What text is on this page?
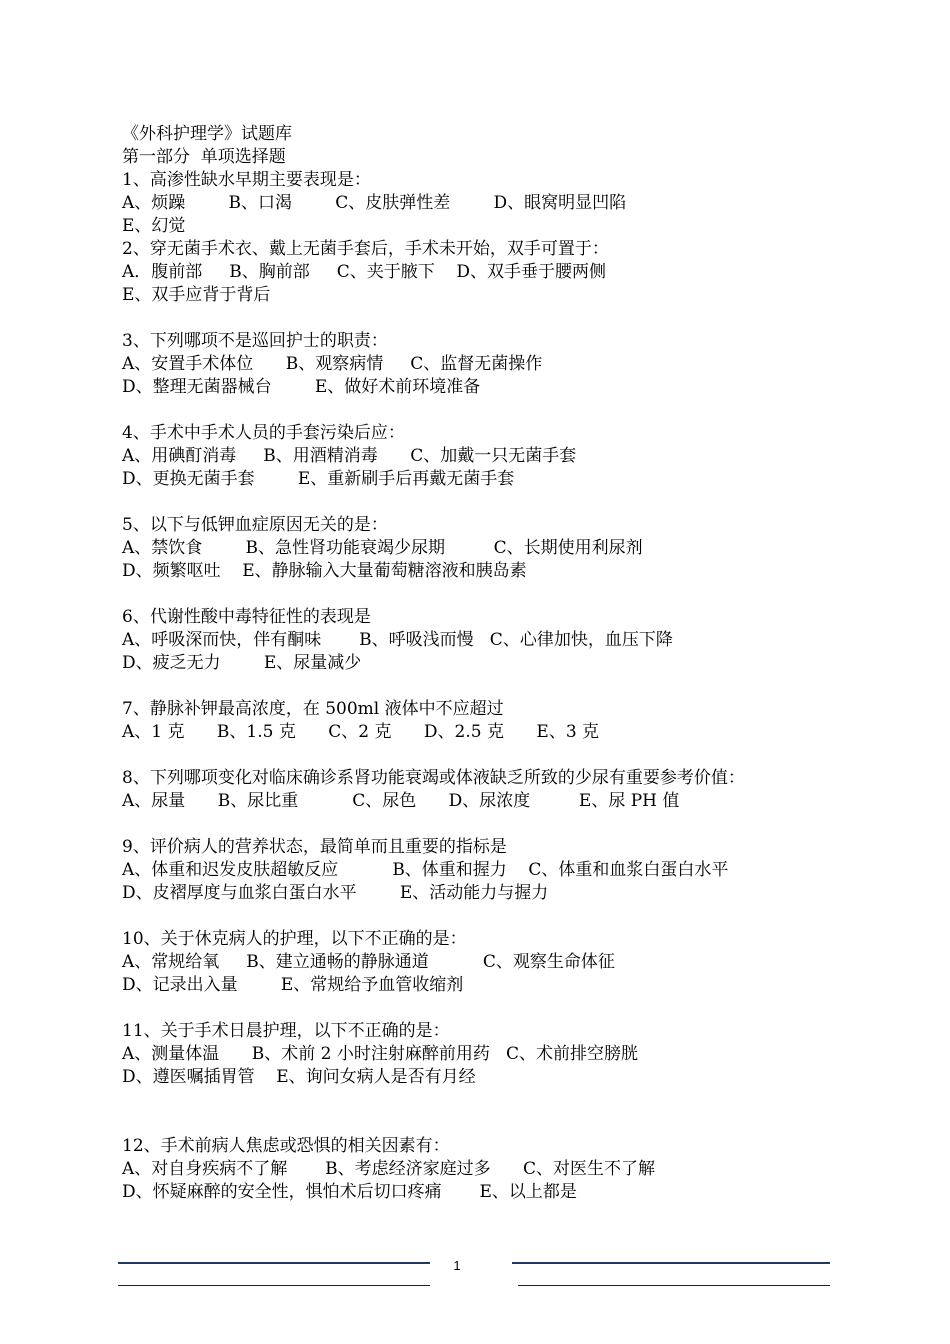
《外科护理学》试题库
第一部分  单项选择题
1、高渗性缺水早期主要表现是：
A、烦躁        B、口渴        C、皮肤弹性差        D、眼窝明显凹陷
E、幻觉
2、穿无菌手术衣、戴上无菌手套后，手术未开始，双手可置于：
A．腹前部     B、胸前部     C、夹于腋下    D、双手垂于腰两侧
E、双手应背于背后
3、下列哪项不是巡回护士的职责：
A、安置手术体位      B、观察病情     C、监督无菌操作
D、整理无菌器械台        E、做好术前环境准备
4、手术中手术人员的手套污染后应：
A、用碘酊消毒     B、用酒精消毒      C、加戴一只无菌手套
D、更换无菌手套        E、重新刷手后再戴无菌手套
5、以下与低钾血症原因无关的是：
A、禁饮食        B、急性肾功能衰竭少尿期         C、长期使用利尿剂
D、频繁呕吐    E、静脉输入大量葡萄糖溶液和胰岛素
6、代谢性酸中毒特征性的表现是
A、呼吸深而快，伴有酮味       B、呼吸浅而慢   C、心律加快，血压下降
D、疲乏无力        E、尿量减少
7、静脉补钾最高浓度，在 500ml 液体中不应超过
A、1 克      B、1.5 克      C、2 克      D、2.5 克      E、3 克
8、下列哪项变化对临床确诊系肾功能衰竭或体液缺乏所致的少尿有重要参考价值：
A、尿量      B、尿比重          C、尿色      D、尿浓度         E、尿 PH 值
9、评价病人的营养状态，最简单而且重要的指标是
A、体重和迟发皮肤超敏反应          B、体重和握力    C、体重和血浆白蛋白水平
D、皮褶厚度与血浆白蛋白水平        E、活动能力与握力
10、关于休克病人的护理，以下不正确的是：
A、常规给氧     B、建立通畅的静脉通道          C、观察生命体征
D、记录出入量        E、常规给予血管收缩剂
11、关于手术日晨护理，以下不正确的是：
A、测量体温      B、术前 2 小时注射麻醉前用药   C、术前排空膀胱
D、遵医嘱插胃管    E、询问女病人是否有月经
12、手术前病人焦虑或恐惧的相关因素有：
A、对自身疾病不了解       B、考虑经济家庭过多      C、对医生不了解
D、怀疑麻醉的安全性，惧怕术后切口疼痛       E、以上都是
1
